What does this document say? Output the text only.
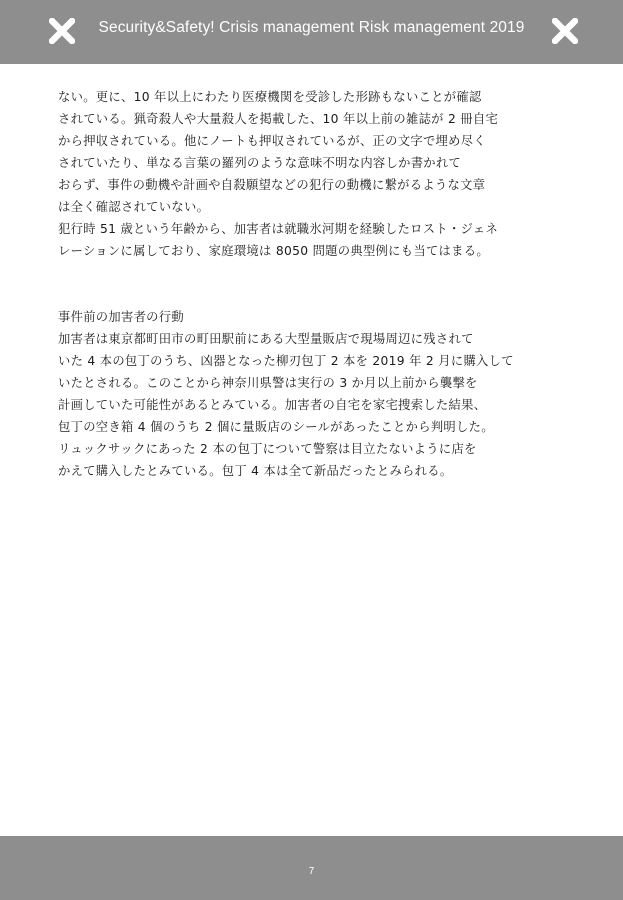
Security&Safety! Crisis management Risk management 2019
ない。更に、10 年以上にわたり医療機関を受診した形跡もないことが確認
されている。猟奇殺人や大量殺人を掲載した、10 年以上前の雑誌が 2 冊自宅
から押収されている。他にノートも押収されているが、正の文字で埋め尽く
されていたり、単なる言葉の羅列のような意味不明な内容しか書かれて
おらず、事件の動機や計画や自殺願望などの犯行の動機に繋がるような文章
は全く確認されていない。
犯行時 51 歳という年齢から、加害者は就職氷河期を経験したロスト・ジェネ
レーションに属しており、家庭環境は 8050 問題の典型例にも当てはまる。
事件前の加害者の行動
加害者は東京都町田市の町田駅前にある大型量販店で現場周辺に残されて
いた 4 本の包丁のうち、凶器となった柳刃包丁 2 本を 2019 年 2 月に購入して
いたとされる。このことから神奈川県警は実行の 3 か月以上前から襲撃を
計画していた可能性があるとみている。加害者の自宅を家宅捜索した結果、
包丁の空き箱 4 個のうち 2 個に量販店のシールがあったことから判明した。
リュックサックにあった 2 本の包丁について警察は目立たないように店を
かえて購入したとみている。包丁 4 本は全て新品だったとみられる。
7
